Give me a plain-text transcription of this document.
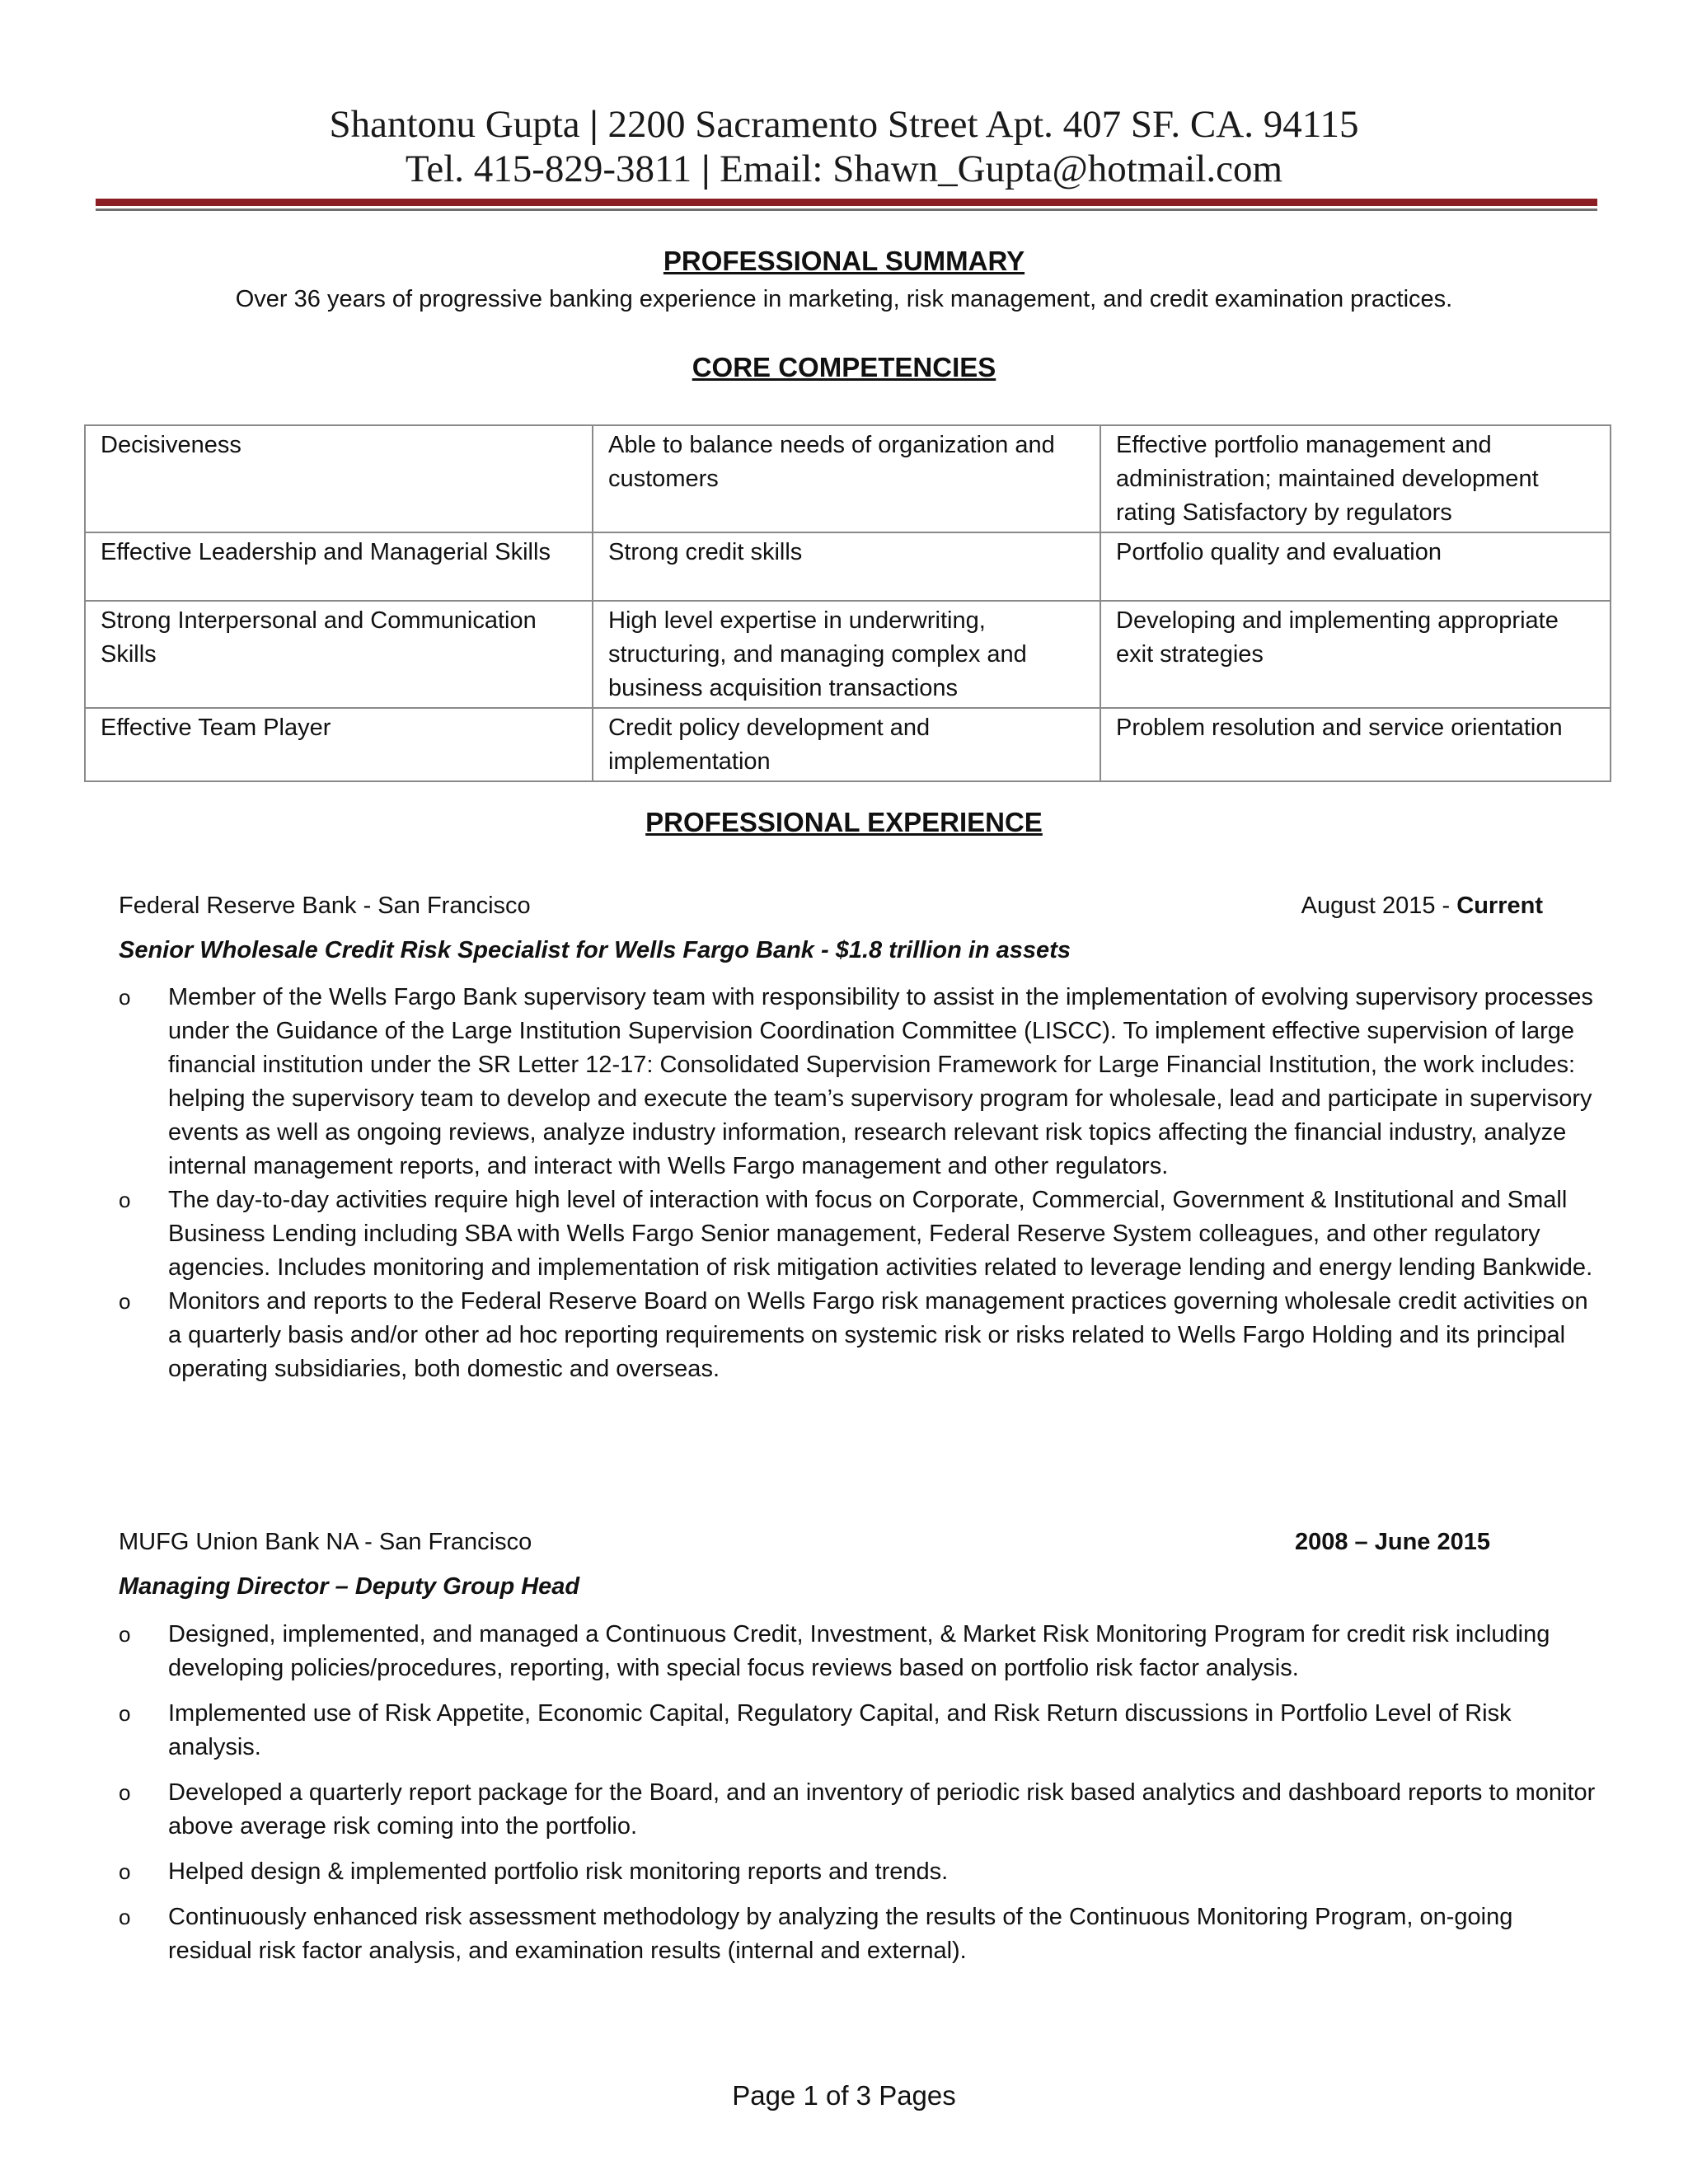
Shantonu Gupta | 2200 Sacramento Street Apt. 407 SF. CA. 94115
Tel. 415-829-3811 | Email: Shawn_Gupta@hotmail.com
PROFESSIONAL SUMMARY
Over 36 years of progressive banking experience in marketing, risk management, and credit examination practices.
CORE COMPETENCIES
Decisiveness	Able to balance needs of organization and customers	Effective portfolio management and administration; maintained development rating Satisfactory by regulators
Effective Leadership and Managerial Skills	Strong credit skills	Portfolio quality and evaluation
Strong Interpersonal and Communication Skills	High level expertise in underwriting, structuring, and managing complex and business acquisition transactions	Developing and implementing appropriate exit strategies
Effective Team Player	Credit policy development and implementation	Problem resolution and service orientation
PROFESSIONAL EXPERIENCE
Federal Reserve Bank - San Francisco	August 2015 - Current
Senior Wholesale Credit Risk Specialist for Wells Fargo Bank - $1.8 trillion in assets
o Member of the Wells Fargo Bank supervisory team with responsibility to assist in the implementation of evolving supervisory processes under the Guidance of the Large Institution Supervision Coordination Committee (LISCC). To implement effective supervision of large financial institution under the SR Letter 12-17: Consolidated Supervision Framework for Large Financial Institution, the work includes: helping the supervisory team to develop and execute the team’s supervisory program for wholesale, lead and participate in supervisory events as well as ongoing reviews, analyze industry information, research relevant risk topics affecting the financial industry, analyze internal management reports, and interact with Wells Fargo management and other regulators.
o The day-to-day activities require high level of interaction with focus on Corporate, Commercial, Government & Institutional and Small Business Lending including SBA with Wells Fargo Senior management, Federal Reserve System colleagues, and other regulatory agencies. Includes monitoring and implementation of risk mitigation activities related to leverage lending and energy lending Bankwide.
o Monitors and reports to the Federal Reserve Board on Wells Fargo risk management practices governing wholesale credit activities on a quarterly basis and/or other ad hoc reporting requirements on systemic risk or risks related to Wells Fargo Holding and its principal operating subsidiaries, both domestic and overseas.
MUFG Union Bank NA - San Francisco	2008 – June 2015
Managing Director – Deputy Group Head
o Designed, implemented, and managed a Continuous Credit, Investment, & Market Risk Monitoring Program for credit risk including developing policies/procedures, reporting, with special focus reviews based on portfolio risk factor analysis.
o Implemented use of Risk Appetite, Economic Capital, Regulatory Capital, and Risk Return discussions in Portfolio Level of Risk analysis.
o Developed a quarterly report package for the Board, and an inventory of periodic risk based analytics and dashboard reports to monitor above average risk coming into the portfolio.
o Helped design & implemented portfolio risk monitoring reports and trends.
o Continuously enhanced risk assessment methodology by analyzing the results of the Continuous Monitoring Program, on-going residual risk factor analysis, and examination results (internal and external).
Page 1 of 3 Pages
